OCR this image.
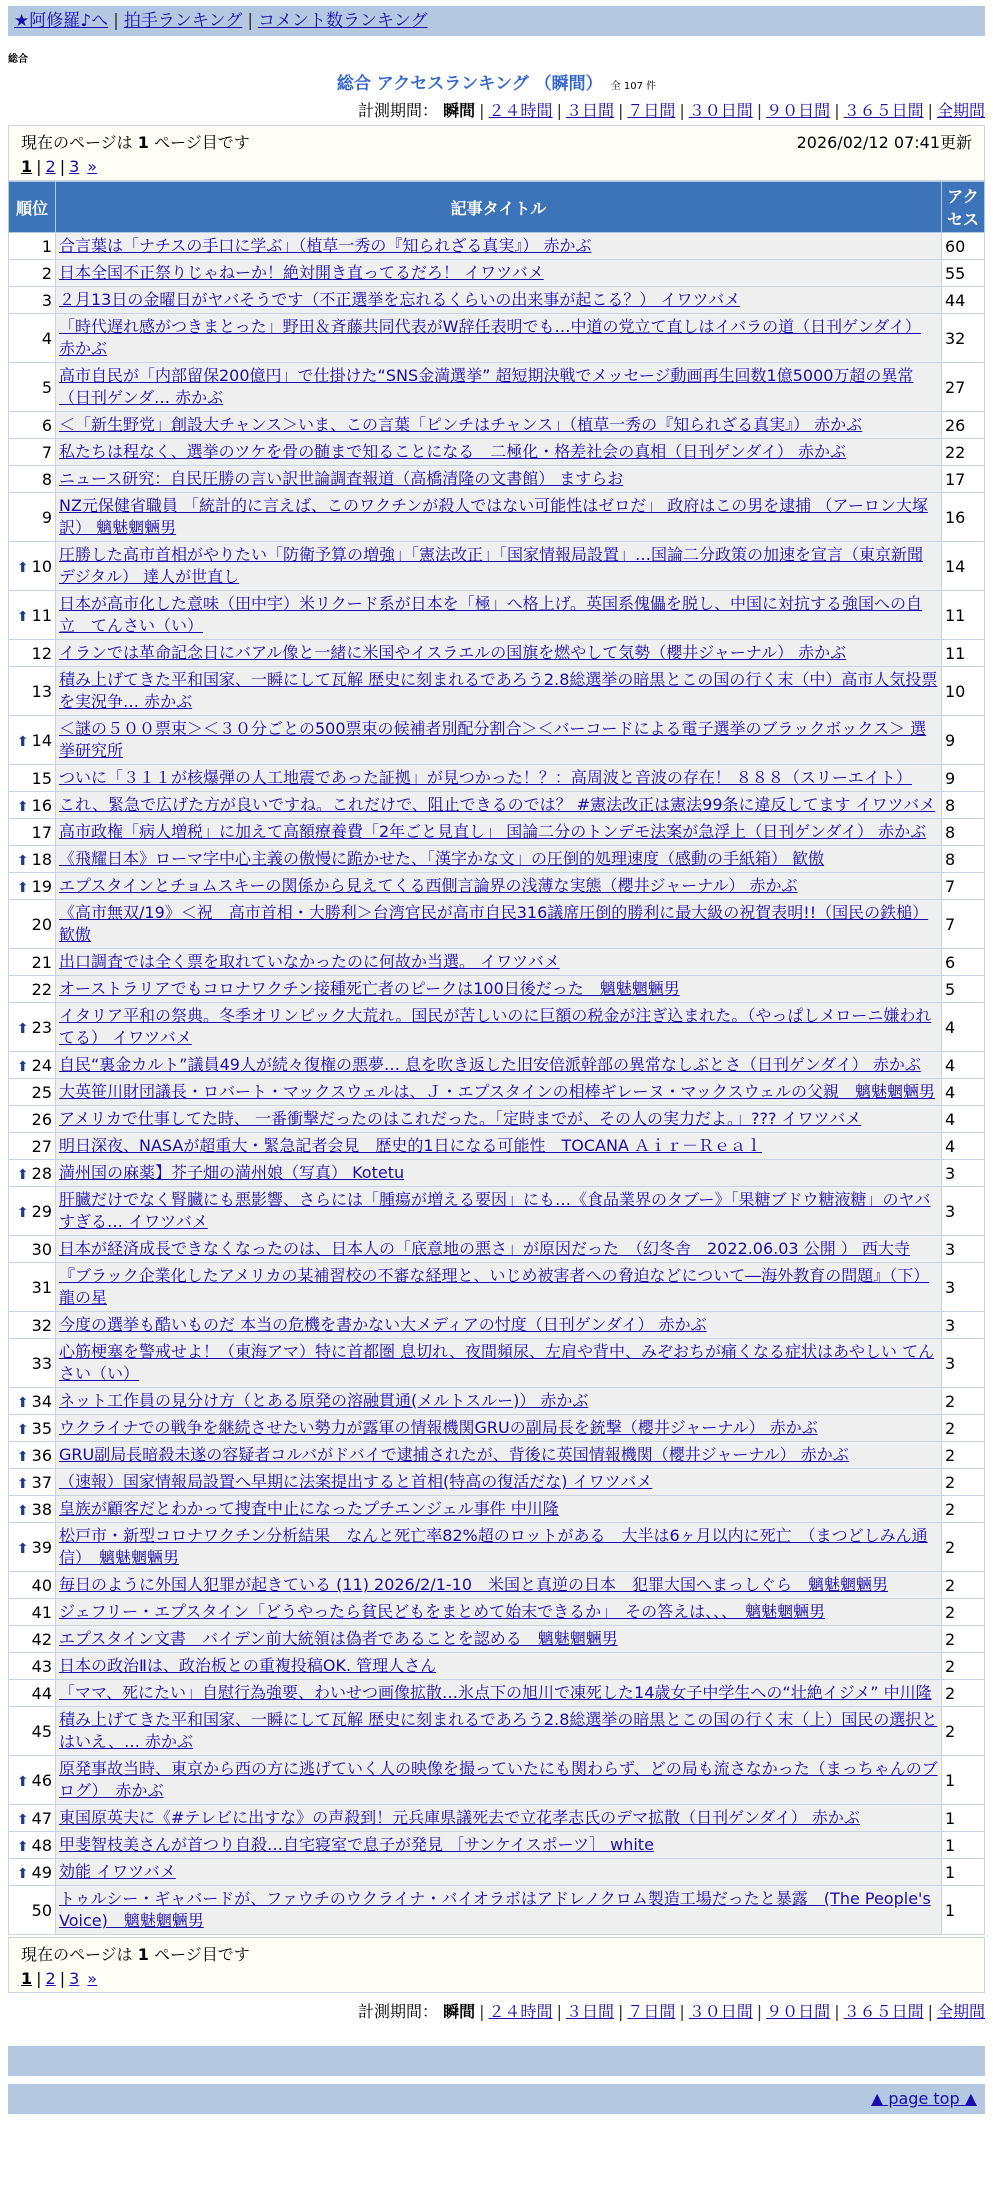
★阿修羅♪へ | 拍手ランキング | コメント数ランキング
総合
総合 アクセスランキング （瞬間） 全 107 件
計測期間： 瞬間 | ２４時間 | ３日間 | ７日間 | ３０日間 | ９０日間 | ３６５日間 | 全期間
現在のページは 1 ページ目です	2026/02/12 07:41更新
1 | 2 | 3 »
順位	記事タイトル	アクセス
1	合言葉は「ナチスの手口に学ぶ」（植草一秀の『知られざる真実』） 赤かぶ	60
2	日本全国不正祭りじゃねーか！絶対開き直ってるだろ！ イワツバメ	55
3	２月13日の金曜日がヤバそうです（不正選挙を忘れるくらいの出来事が起こる？） イワツバメ	44
4	「時代遅れ感がつきまとった」野田＆斉藤共同代表がW辞任表明でも…中道の党立て直しはイバラの道（日刊ゲンダイ） 赤かぶ	32
5	高市自民が「内部留保200億円」で仕掛けた“SNS金満選挙” 超短期決戦でメッセージ動画再生回数1億5000万超の異常（日刊ゲンダ… 赤かぶ	27
6	＜「新生野党」創設大チャンス＞いま、この言葉「ピンチはチャンス」（植草一秀の『知られざる真実』） 赤かぶ	26
7	私たちは程なく、選挙のツケを骨の髄まで知ることになる　二極化・格差社会の真相（日刊ゲンダイ） 赤かぶ	22
8	ニュース研究：自民圧勝の言い訳世論調査報道（高橋清隆の文書館） ますらお	17
9	NZ元保健省職員 「統計的に言えば、このワクチンが殺人ではない可能性はゼロだ」 政府はこの男を逮捕 （アーロン大塚訳） 魑魅魍魎男	16
⬆ 10	圧勝した高市首相がやりたい「防衛予算の増強」「憲法改正」「国家情報局設置」…国論二分政策の加速を宣言（東京新聞デジタル） 達人が世直し	14
⬆ 11	日本が高市化した意味（田中宇）米リクード系が日本を「極」へ格上げ。英国系傀儡を脱し、中国に対抗する強国への自立　てんさい（い）	11
12	イランでは革命記念日にバアル像と一緒に米国やイスラエルの国旗を燃やして気勢（櫻井ジャーナル） 赤かぶ	11
13	積み上げてきた平和国家、一瞬にして瓦解 歴史に刻まれるであろう2.8総選挙の暗黒とこの国の行く末（中）高市人気投票を実況争… 赤かぶ	10
⬆ 14	＜謎の５００票束＞＜３０分ごとの500票束の候補者別配分割合＞＜バーコードによる電子選挙のブラックボックス＞ 選挙研究所	9
15	ついに「３１１が核爆弾の人工地震であった証拠」が見つかった！？：高周波と音波の存在！ ８８８（スリーエイト）	9
⬆ 16	これ、緊急で広げた方が良いですね。これだけで、阻止できるのでは？ #憲法改正は憲法99条に違反してます イワツバメ	8
17	高市政権「病人増税」に加えて高額療養費「2年ごと見直し」 国論二分のトンデモ法案が急浮上（日刊ゲンダイ） 赤かぶ	8
⬆ 18	《飛耀日本》ローマ字中心主義の傲慢に跪かせた、「漢字かな文」の圧倒的処理速度（感動の手紙箱） 歓傲	8
⬆ 19	エプスタインとチョムスキーの関係から見えてくる西側言論界の浅薄な実態（櫻井ジャーナル） 赤かぶ	7
20	《高市無双/19》＜祝　高市首相・大勝利＞台湾官民が高市自民316議席圧倒的勝利に最大級の祝賀表明!!（国民の鉄槌） 歓傲	7
21	出口調査では全く票を取れていなかったのに何故か当選。 イワツバメ	6
22	オーストラリアでもコロナワクチン接種死亡者のピークは100日後だった　魑魅魍魎男	5
⬆ 23	イタリア平和の祭典。冬季オリンピック大荒れ。国民が苦しいのに巨額の税金が注ぎ込まれた。（やっぱしメローニ嫌われてる） イワツバメ	4
⬆ 24	自民“裏金カルト”議員49人が続々復権の悪夢… 息を吹き返した旧安倍派幹部の異常なしぶとさ（日刊ゲンダイ） 赤かぶ	4
25	大英笹川財団議長・ロバート・マックスウェルは、Ｊ・エプスタインの相棒ギレーヌ・マックスウェルの父親　魑魅魍魎男	4
26	アメリカで仕事してた時、 一番衝撃だったのはこれだった。「定時までが、その人の実力だよ。」??? イワツバメ	4
27	明日深夜、NASAが超重大・緊急記者会見　歴史的1日になる可能性　TOCANA Ａｉｒ－Ｒｅａｌ	4
⬆ 28	満州国の麻薬】芥子畑の満州娘（写真） Kotetu	3
⬆ 29	肝臓だけでなく腎臓にも悪影響、さらには「腫瘍が増える要因」にも…《食品業界のタブー》「果糖ブドウ糖液糖」のヤバすぎる… イワツバメ	3
30	日本が経済成長できなくなったのは、日本人の「底意地の悪さ」が原因だった　（幻冬舎　2022.06.03 公開 ） 西大寺	3
31	『ブラック企業化したアメリカの某補習校の不審な経理と、いじめ被害者への脅迫などについて―海外教育の問題』（下） 龍の星	3
32	今度の選挙も酷いものだ 本当の危機を書かない大メディアの忖度（日刊ゲンダイ） 赤かぶ	3
33	心筋梗塞を警戒せよ！（東海アマ）特に首都圏 息切れ、夜間頻尿、左肩や背中、みぞおちが痛くなる症状はあやしい てんさい（い）	3
⬆ 34	ネット工作員の見分け方（とある原発の溶融貫通(メルトスルー)） 赤かぶ	2
⬆ 35	ウクライナでの戦争を継続させたい勢力が露軍の情報機関GRUの副局長を銃撃（櫻井ジャーナル） 赤かぶ	2
⬆ 36	GRU副局長暗殺未遂の容疑者コルバがドバイで逮捕されたが、背後に英国情報機関（櫻井ジャーナル） 赤かぶ	2
⬆ 37	（速報）国家情報局設置へ早期に法案提出すると首相(特高の復活だな) イワツバメ	2
⬆ 38	皇族が顧客だとわかって捜査中止になったプチエンジェル事件 中川隆	2
⬆ 39	松戸市・新型コロナワクチン分析結果　なんと死亡率82%超のロットがある　大半は6ヶ月以内に死亡　（まつどしみん通信）　魑魅魍魎男	2
40	毎日のように外国人犯罪が起きている (11) 2026/2/1-10　米国と真逆の日本　犯罪大国へまっしぐら　魑魅魍魎男	2
41	ジェフリー・エプスタイン「どうやったら貧民どもをまとめて始末できるか」　その答えは、、、　魑魅魍魎男	2
42	エプスタイン文書　バイデン前大統領は偽者であることを認める　魑魅魍魎男	2
43	日本の政治Ⅱは、政治板との重複投稿OK. 管理人さん	2
44	「ママ、死にたい」自慰行為強要、わいせつ画像拡散…氷点下の旭川で凍死した14歳女子中学生への“壮絶イジメ” 中川隆	2
45	積み上げてきた平和国家、一瞬にして瓦解 歴史に刻まれるであろう2.8総選挙の暗黒とこの国の行く末（上）国民の選択とはいえ、… 赤かぶ	2
⬆ 46	原発事故当時、東京から西の方に逃げていく人の映像を撮っていたにも関わらず、どの局も流さなかった（まっちゃんのブログ）　赤かぶ	1
⬆ 47	東国原英夫に《#テレビに出すな》の声殺到！元兵庫県議死去で立花孝志氏のデマ拡散（日刊ゲンダイ） 赤かぶ	1
⬆ 48	甲斐智枝美さんが首つり自殺…自宅寝室で息子が発見 ［サンケイスポーツ］ white	1
⬆ 49	効能 イワツバメ	1
50	トゥルシー・ギャバードが、ファウチのウクライナ・バイオラボはアドレノクロム製造工場だったと暴露　(The People's Voice)　魑魅魍魎男	1
現在のページは 1 ページ目です
1 | 2 | 3 »
計測期間： 瞬間 | ２４時間 | ３日間 | ７日間 | ３０日間 | ９０日間 | ３６５日間 | 全期間
▲ page top ▲
